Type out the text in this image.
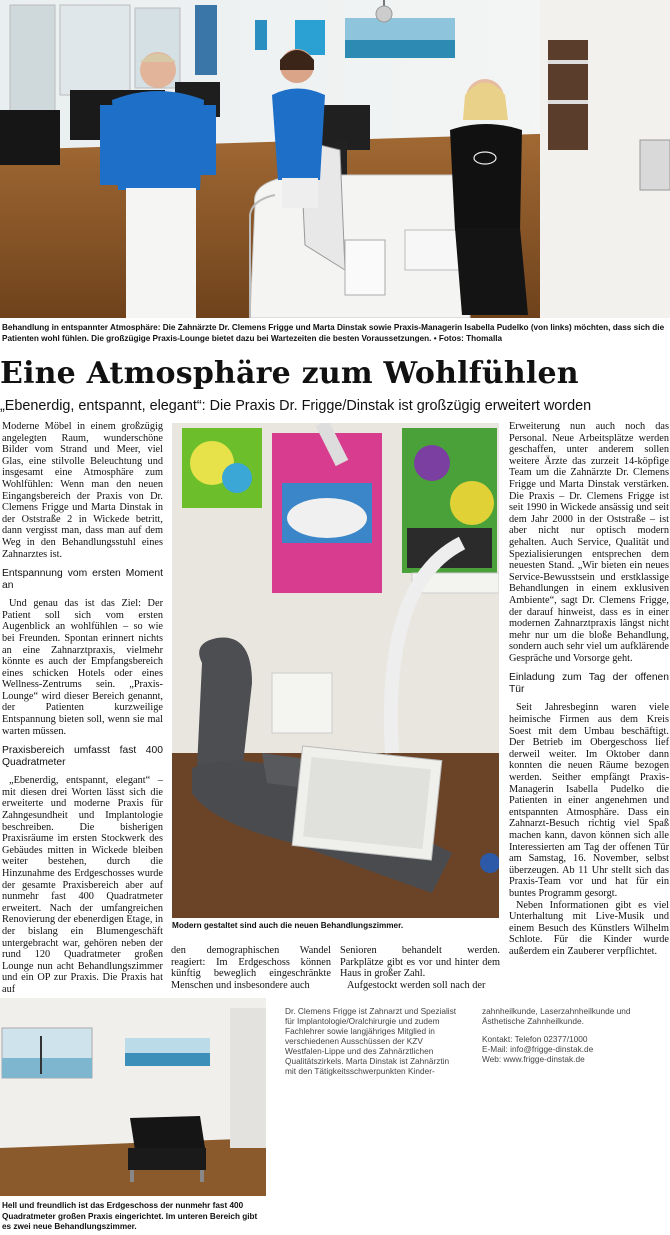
Behandlung in entspannter Atmosphäre: Die Zahnärzte Dr. Clemens Frigge und Marta Dinstak sowie Praxis-Managerin Isabella Pudelko (von links) möchten, dass sich die Patienten wohl fühlen. Die großzügige Praxis-Lounge bietet dazu bei Wartezeiten die besten Voraussetzungen. • Fotos: Thomalla
Eine Atmosphäre zum Wohlfühlen
„Ebenerdig, entspannt, elegant“: Die Praxis Dr. Frigge/Dinstak ist großzügig erweitert worden

Moderne Möbel in einem großzügig angelegten Raum, wunderschöne Bilder vom Strand und Meer, viel Glas, eine stilvolle Beleuchtung und insgesamt eine Atmosphäre zum Wohlfühlen: Wenn man den neuen Eingangsbereich der Praxis von Dr. Clemens Frigge und Marta Dinstak in der Oststraße 2 in Wickede betritt, dann vergisst man, dass man auf dem Weg in den Behandlungsstuhl eines Zahnarztes ist.

Entspannung vom ersten Moment an

Und genau das ist das Ziel: Der Patient soll sich vom ersten Augenblick an wohlfühlen – so wie bei Freunden. Spontan erinnert nichts an eine Zahnarztpraxis, vielmehr könnte es auch der Empfangsbereich eines schicken Hotels oder eines Wellness-Zentrums sein. „Praxis-Lounge“ wird dieser Bereich genannt, der Patienten kurzweilige Entspannung bieten soll, wenn sie mal warten müssen.

Praxisbereich umfasst fast 400 Quadratmeter

„Ebenerdig, entspannt, elegant“ – mit diesen drei Worten lässt sich die erweiterte und moderne Praxis für Zahngesundheit und Implantologie beschreiben. Die bisherigen Praxisräume im ersten Stockwerk des Gebäudes mitten in Wickede bleiben weiter bestehen, durch die Hinzunahme des Erdgeschosses wurde der gesamte Praxisbereich aber auf nunmehr fast 400 Quadratmeter erweitert. Nach der umfangreichen Renovierung der ebenerdigen Etage, in der bislang ein Blumengeschäft untergebracht war, gehören neben der rund 120 Quadratmeter großen Lounge nun acht Behandlungszimmer und ein OP zur Praxis. Die Praxis hat auf

Modern gestaltet sind auch die neuen Behandlungszimmer.

den demographischen Wandel reagiert: Im Erdgeschoss können künftig beweglich eingeschränkte Menschen und insbesondere auch

Senioren behandelt werden. Parkplätze gibt es vor und hinter dem Haus in großer Zahl.

Aufgestockt werden soll nach der

Erweiterung nun auch noch das Personal. Neue Arbeitsplätze werden geschaffen, unter anderem sollen weitere Ärzte das zurzeit 14-köpfige Team um die Zahnärzte Dr. Clemens Frigge und Marta Dinstak verstärken. Die Praxis – Dr. Clemens Frigge ist seit 1990 in Wickede ansässig und seit dem Jahr 2000 in der Oststraße – ist aber nicht nur optisch modern gehalten. Auch Service, Qualität und Spezialisierungen entsprechen dem neuesten Stand. „Wir bieten ein neues Service-Bewusstsein und erstklassige Behandlungen in einem exklusiven Ambiente“, sagt Dr. Clemens Frigge, der darauf hinweist, dass es in einer modernen Zahnarztpraxis längst nicht mehr nur um die bloße Behandlung, sondern auch sehr viel um aufklärende Gespräche und Vorsorge geht.

Einladung zum Tag der offenen Tür

Seit Jahresbeginn waren viele heimische Firmen aus dem Kreis Soest mit dem Umbau beschäftigt. Der Betrieb im Obergeschoss lief derweil weiter. Im Oktober dann konnten die neuen Räume bezogen werden. Seither empfängt Praxis-Managerin Isabella Pudelko die Patienten in einer angenehmen und entspannten Atmosphäre. Dass ein Zahnarzt-Besuch richtig viel Spaß machen kann, davon können sich alle Interessierten am Tag der offenen Tür am Samstag, 16. November, selbst überzeugen. Ab 11 Uhr stellt sich das Praxis-Team vor und hat für ein buntes Programm gesorgt.

Neben Informationen gibt es viel Unterhaltung mit Live-Musik und einem Besuch des Künstlers Wilhelm Schlote. Für die Kinder wurde außerdem ein Zauberer verpflichtet.

Hell und freundlich ist das Erdgeschoss der nunmehr fast 400 Quadratmeter großen Praxis eingerichtet. Im unteren Bereich gibt es zwei neue Behandlungszimmer.
Dr. Clemens Frigge ist Zahnarzt und Spezialist für Implantologie/Oralchirurgie und zudem Fachlehrer sowie langjähriges Mitglied in verschiedenen Ausschüssen der KZV Westfalen-Lippe und des Zahnärztlichen Qualitätszirkels. Marta Dinstak ist Zahnärztin mit den Tätigkeitsschwerpunkten Kinder-
zahnheilkunde, Laserzahnheilkunde und Ästhetische Zahnheilkunde.
Kontakt: Telefon 02377/1000
E-Mail: info@frigge-dinstak.de
Web: www.frigge-dinstak.de
